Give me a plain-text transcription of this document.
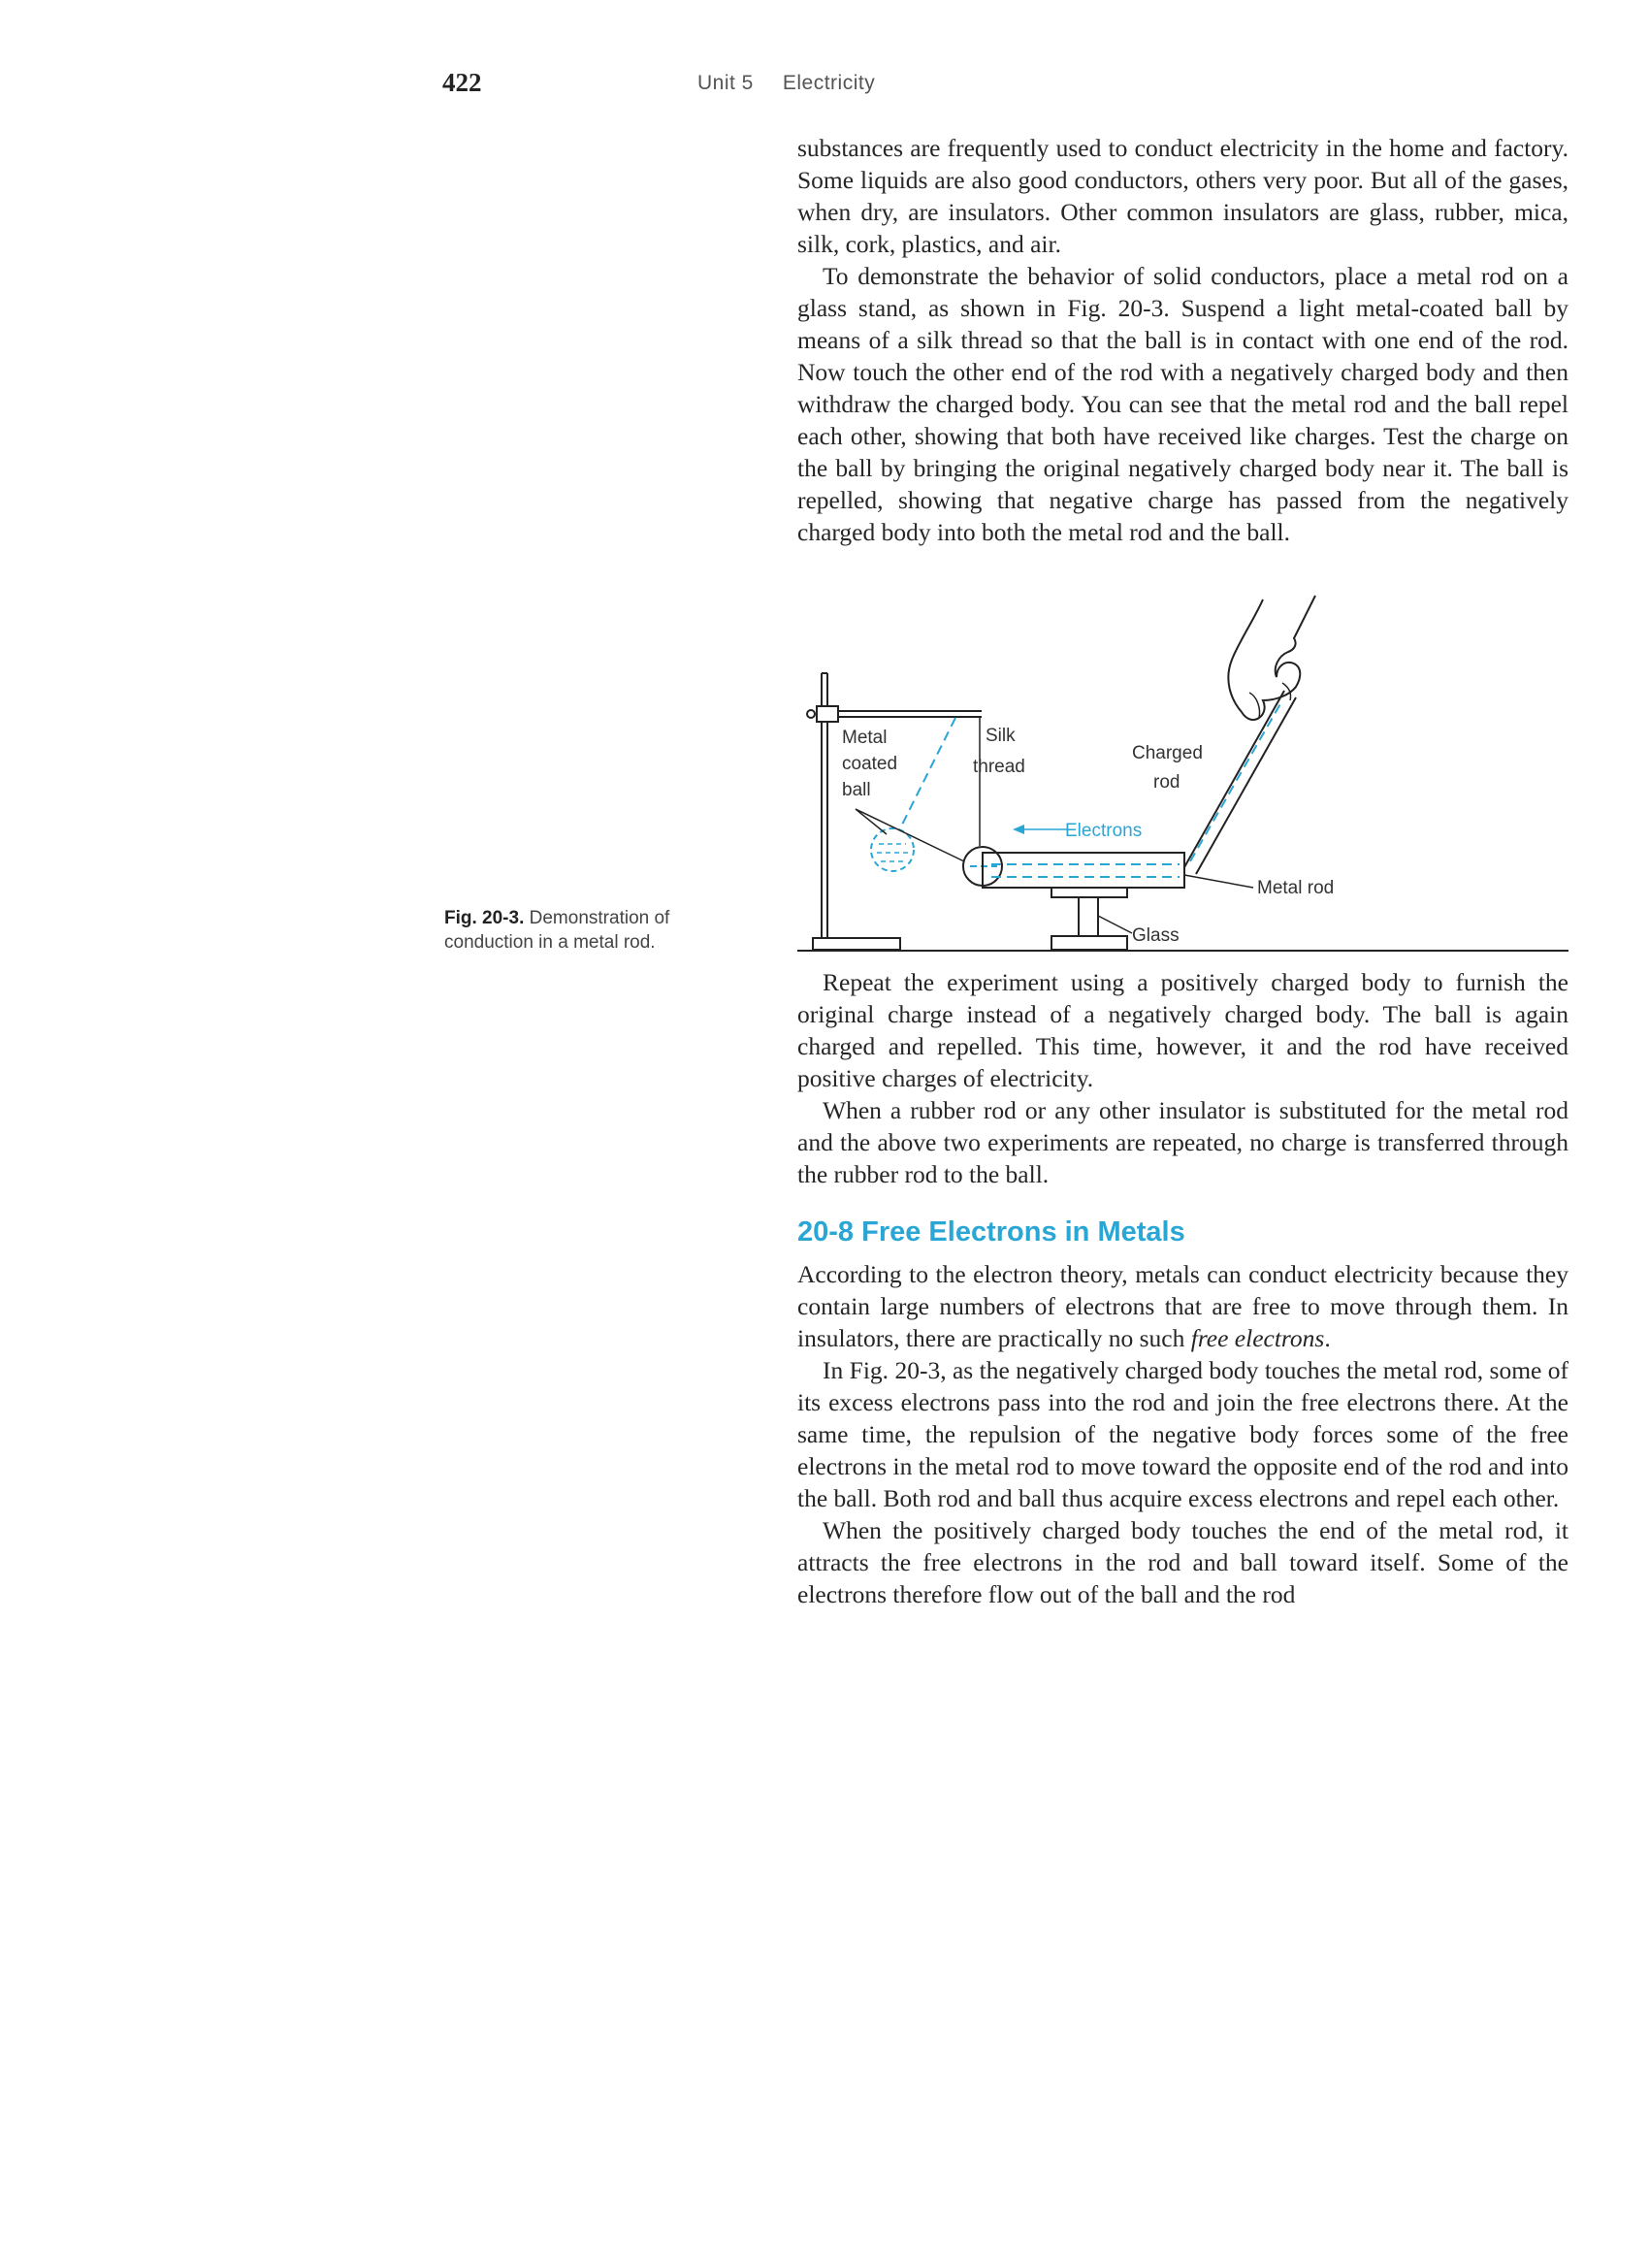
422	Unit 5 Electricity

substances are frequently used to conduct electricity in the home and factory. Some liquids are also good conductors, others very poor. But all of the gases, when dry, are insulators. Other common insulators are glass, rubber, mica, silk, cork, plastics, and air.

To demonstrate the behavior of solid conductors, place a metal rod on a glass stand, as shown in Fig. 20-3. Suspend a light metal-coated ball by means of a silk thread so that the ball is in contact with one end of the rod. Now touch the other end of the rod with a negatively charged body and then withdraw the charged body. You can see that the metal rod and the ball repel each other, showing that both have received like charges. Test the charge on the ball by bringing the original negatively charged body near it. The ball is repelled, showing that negative charge has passed from the negatively charged body into both the metal rod and the ball.

Fig. 20-3. Demonstration of conduction in a metal rod.
Metal
coated
ball
Silk
thread
Charged
rod
Electrons
Metal rod
Glass

Repeat the experiment using a positively charged body to furnish the original charge instead of a negatively charged body. The ball is again charged and repelled. This time, however, it and the rod have received positive charges of electricity.

When a rubber rod or any other insulator is substituted for the metal rod and the above two experiments are repeated, no charge is transferred through the rubber rod to the ball.

20-8 Free Electrons in Metals

According to the electron theory, metals can conduct electricity because they contain large numbers of electrons that are free to move through them. In insulators, there are practically no such free electrons.

In Fig. 20-3, as the negatively charged body touches the metal rod, some of its excess electrons pass into the rod and join the free electrons there. At the same time, the repulsion of the negative body forces some of the free electrons in the metal rod to move toward the opposite end of the rod and into the ball. Both rod and ball thus acquire excess electrons and repel each other.

When the positively charged body touches the end of the metal rod, it attracts the free electrons in the rod and ball toward itself. Some of the electrons therefore flow out of the ball and the rod
